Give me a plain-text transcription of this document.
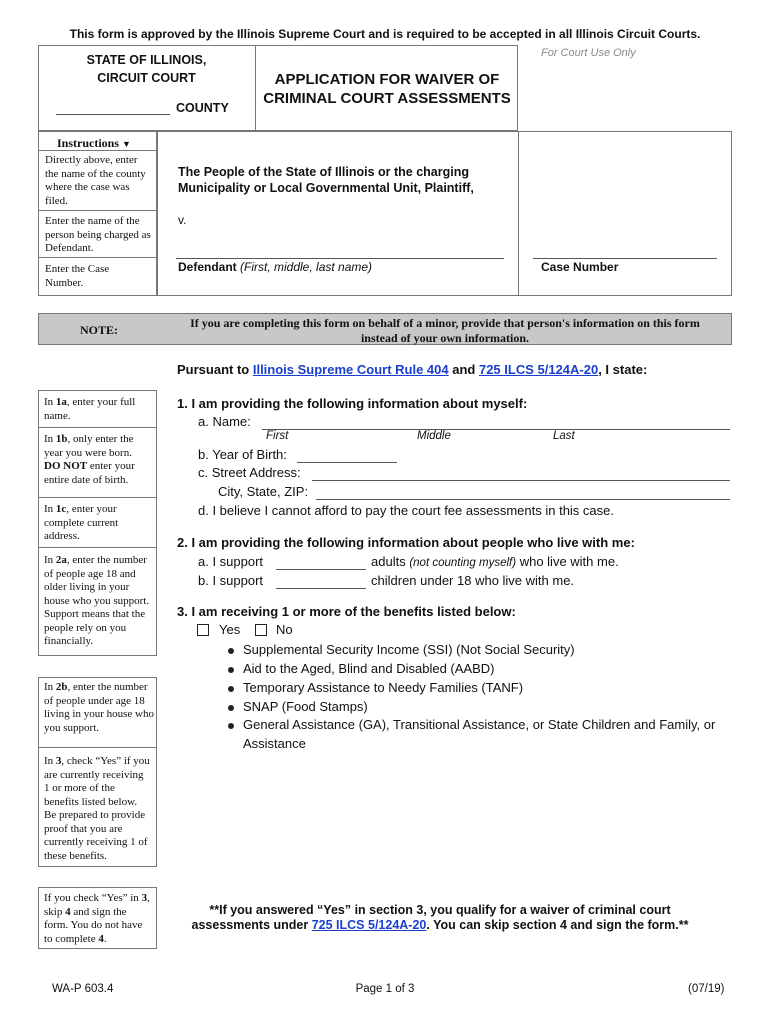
This form is approved by the Illinois Supreme Court and is required to be accepted in all Illinois Circuit Courts.
STATE OF ILLINOIS,
CIRCUIT COURT
COUNTY
APPLICATION FOR WAIVER OF
CRIMINAL COURT ASSESSMENTS
For Court Use Only
Instructions ▼
Directly above, enter the name of the county where the case was filed.
Enter the name of the person being charged as Defendant.
Enter the Case Number.
The People of the State of Illinois or the charging
Municipality or Local Governmental Unit, Plaintiff,
v.
Defendant (First, middle, last name)	Case Number
NOTE:	If you are completing this form on behalf of a minor, provide that person's information on this form
instead of your own information.
Pursuant to Illinois Supreme Court Rule 404 and 725 ILCS 5/124A-20, I state:
In 1a, enter your full name.
In 1b, only enter the year you were born.
DO NOT enter your entire date of birth.
In 1c, enter your complete current address.
In 2a, enter the number of people age 18 and older living in your house who you support. Support means that the people rely on you financially.
In 2b, enter the number of people under age 18 living in your house who you support.
In 3, check “Yes” if you are currently receiving 1 or more of the benefits listed below. Be prepared to provide proof that you are currently receiving 1 of these benefits.
If you check “Yes” in 3, skip 4 and sign the form. You do not have to complete 4.
1. I am providing the following information about myself:
a. Name:
First	Middle	Last
b. Year of Birth:
c. Street Address:
City, State, ZIP:
d. I believe I cannot afford to pay the court fee assessments in this case.
2. I am providing the following information about people who live with me:
a. I support	adults (not counting myself) who live with me.
b. I support	children under 18 who live with me.
3. I am receiving 1 or more of the benefits listed below:
Yes	No
Supplemental Security Income (SSI) (Not Social Security)
Aid to the Aged, Blind and Disabled (AABD)
Temporary Assistance to Needy Families (TANF)
SNAP (Food Stamps)
General Assistance (GA), Transitional Assistance, or State Children and Family, or
Assistance
**If you answered “Yes” in section 3, you qualify for a waiver of criminal court
assessments under 725 ILCS 5/124A-20. You can skip section 4 and sign the form.**
WA-P 603.4	Page 1 of 3	(07/19)
